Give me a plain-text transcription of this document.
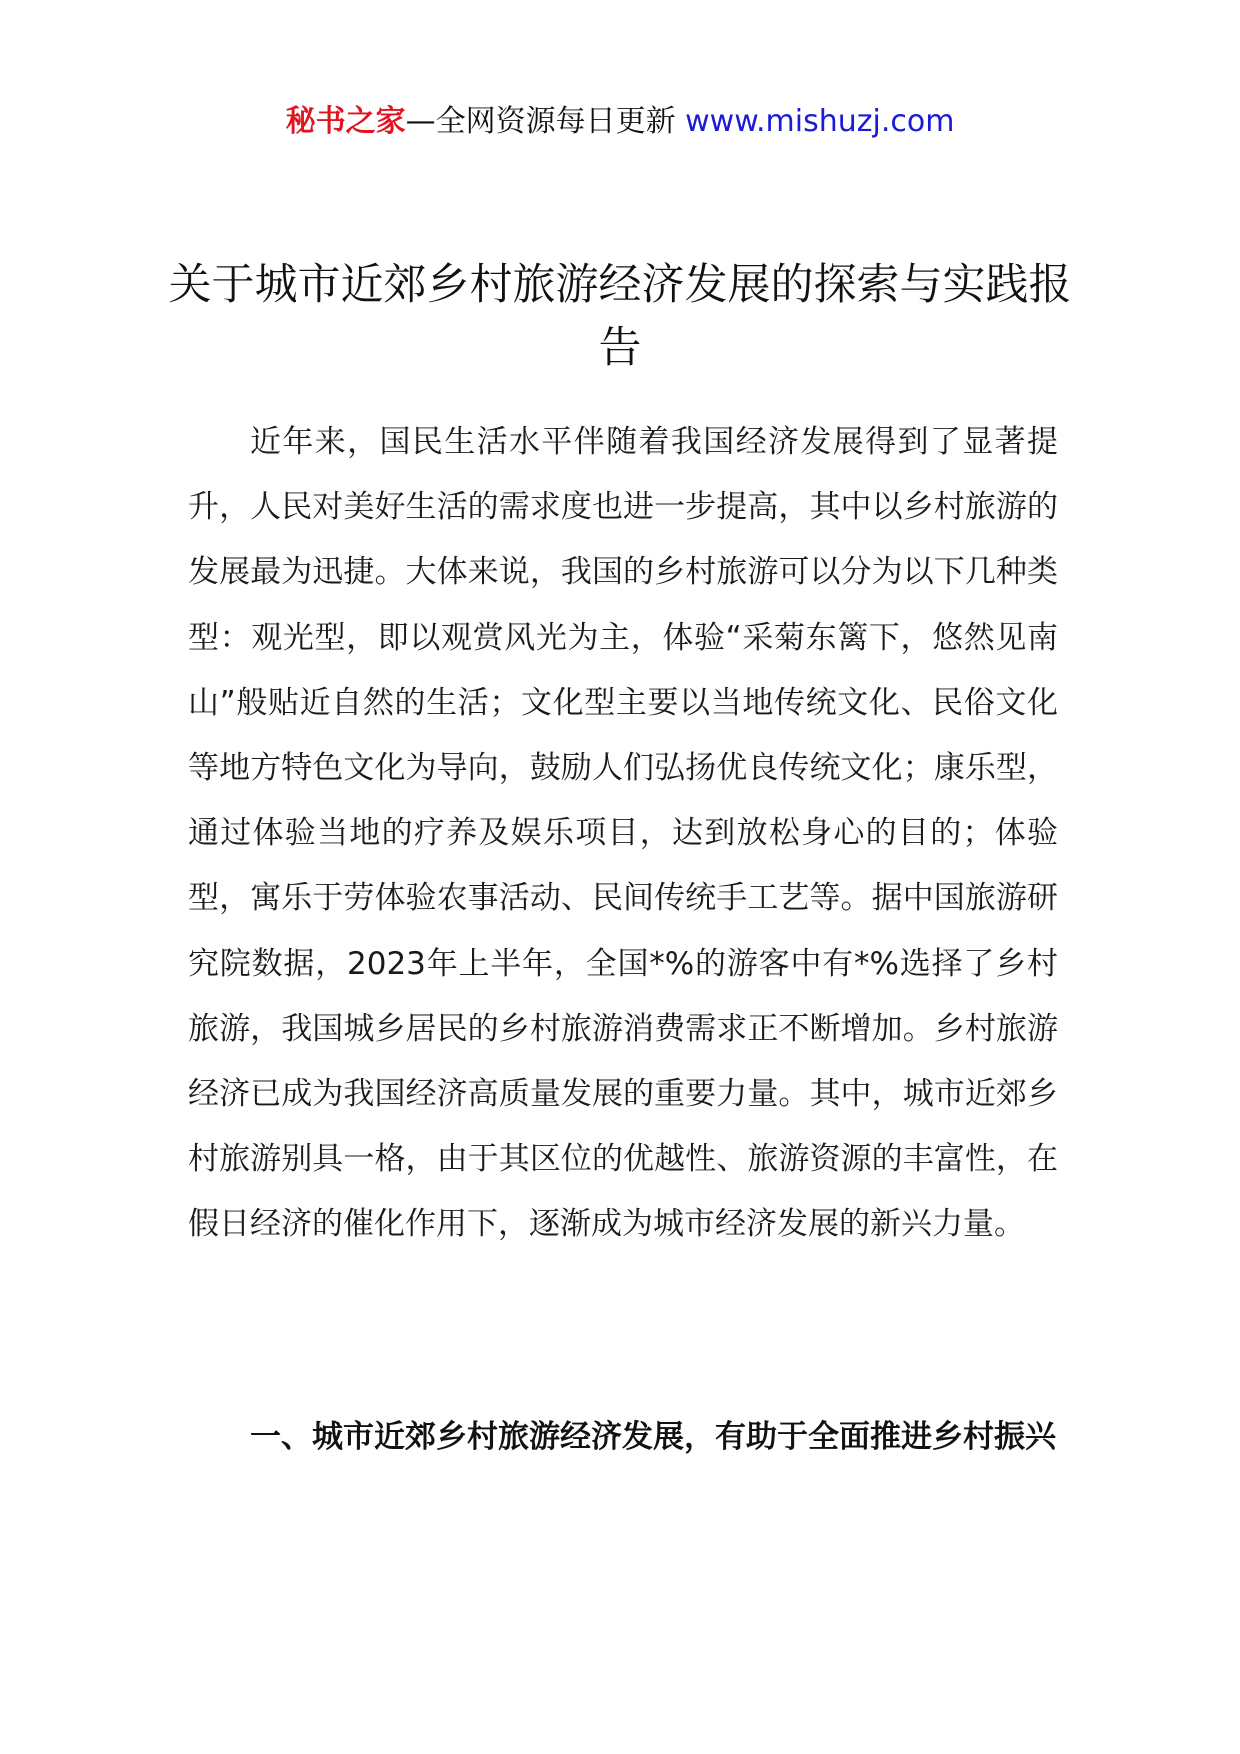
秘书之家—全网资源每日更新 www.mishuzj.com
关于城市近郊乡村旅游经济发展的探索与实践报告

近年来，国民生活水平伴随着我国经济发展得到了显著提升，人民对美好生活的需求度也进一步提高，其中以乡村旅游的发展最为迅捷。大体来说，我国的乡村旅游可以分为以下几种类型：观光型，即以观赏风光为主，体验“采菊东篱下，悠然见南山”般贴近自然的生活；文化型主要以当地传统文化、民俗文化等地方特色文化为导向，鼓励人们弘扬优良传统文化；康乐型，通过体验当地的疗养及娱乐项目，达到放松身心的目的；体验型，寓乐于劳体验农事活动、民间传统手工艺等。据中国旅游研究院数据，2023年上半年，全国*%的游客中有*%选择了乡村旅游，我国城乡居民的乡村旅游消费需求正不断增加。乡村旅游经济已成为我国经济高质量发展的重要力量。其中，城市近郊乡村旅游别具一格，由于其区位的优越性、旅游资源的丰富性，在假日经济的催化作用下，逐渐成为城市经济发展的新兴力量。

一、城市近郊乡村旅游经济发展，有助于全面推进乡村振兴
